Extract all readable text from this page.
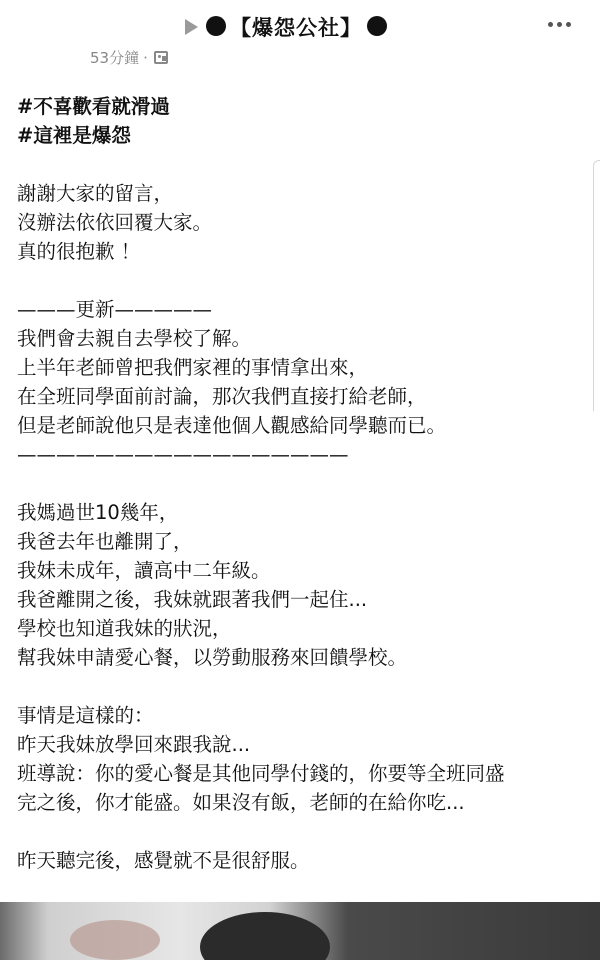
【爆怨公社】
53分鐘 ·
#不喜歡看就滑過
#這裡是爆怨
謝謝大家的留言，
沒辦法依依回覆大家。
真的很抱歉 ！
———更新—————
我們會去親自去學校了解。
上半年老師曾把我們家裡的事情拿出來，
在全班同學面前討論，那次我們直接打給老師，
但是老師說他只是表達他個人觀感給同學聽而已。
—————————————————
我媽過世10幾年，
我爸去年也離開了，
我妹未成年，讀高中二年級。
我爸離開之後，我妹就跟著我們一起住...
學校也知道我妹的狀況，
幫我妹申請愛心餐，以勞動服務來回饋學校。
事情是這樣的：
昨天我妹放學回來跟我說...
班導說：你的愛心餐是其他同學付錢的，你要等全班同盛
完之後，你才能盛。如果沒有飯，老師的在給你吃...
昨天聽完後，感覺就不是很舒服。
